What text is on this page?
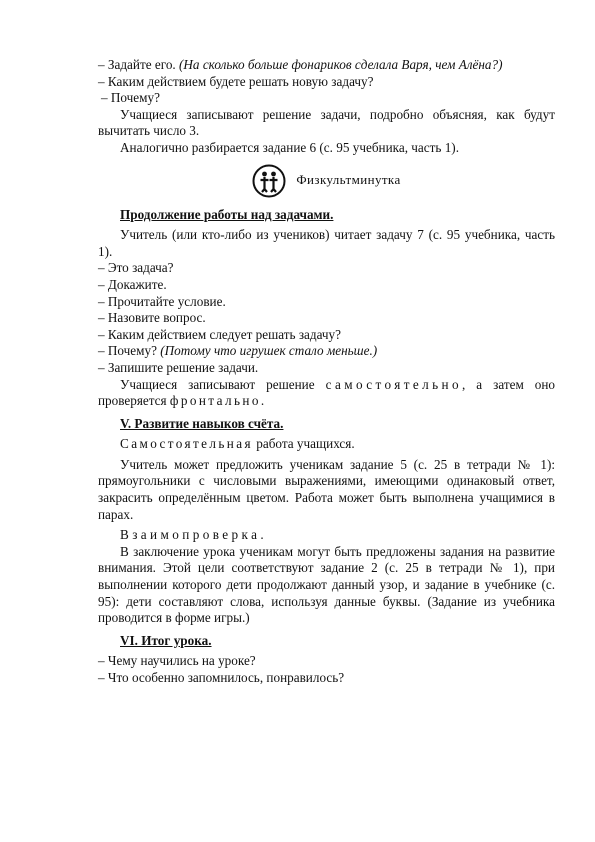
– Задайте его. (На сколько больше фонариков сделала Варя, чем Алёна?)

– Каким действием будете решать новую задачу?

– Почему?

Учащиеся записывают решение задачи, подробно объясняя, как будут вычитать число 3.

Аналогично разбирается задание 6 (с. 95 учебника, часть 1).

Физкультминутка

Продолжение работы над задачами.

Учитель (или кто-либо из учеников) читает задачу 7 (с. 95 учебника, часть 1).

– Это задача?

– Докажите.

– Прочитайте условие.

– Назовите вопрос.

– Каким действием следует решать задачу?

– Почему? (Потому что игрушек стало меньше.)

– Запишите решение задачи.

Учащиеся записывают решение самостоятельно, а затем оно проверяется фронтально.

V. Развитие навыков счёта.

Самостоятельная работа учащихся.

Учитель может предложить ученикам задание 5 (с. 25 в тетради № 1): прямоугольники с числовыми выражениями, имеющими одинаковый ответ, закрасить определённым цветом. Работа может быть выполнена учащимися в парах.

Взаимопроверка.

В заключение урока ученикам могут быть предложены задания на развитие внимания. Этой цели соответствуют задание 2 (с. 25 в тетради № 1), при выполнении которого дети продолжают данный узор, и задание в учебнике (с. 95): дети составляют слова, используя данные буквы. (Задание из учебника проводится в форме игры.)

VI. Итог урока.

– Чему научились на уроке?

– Что особенно запомнилось, понравилось?
